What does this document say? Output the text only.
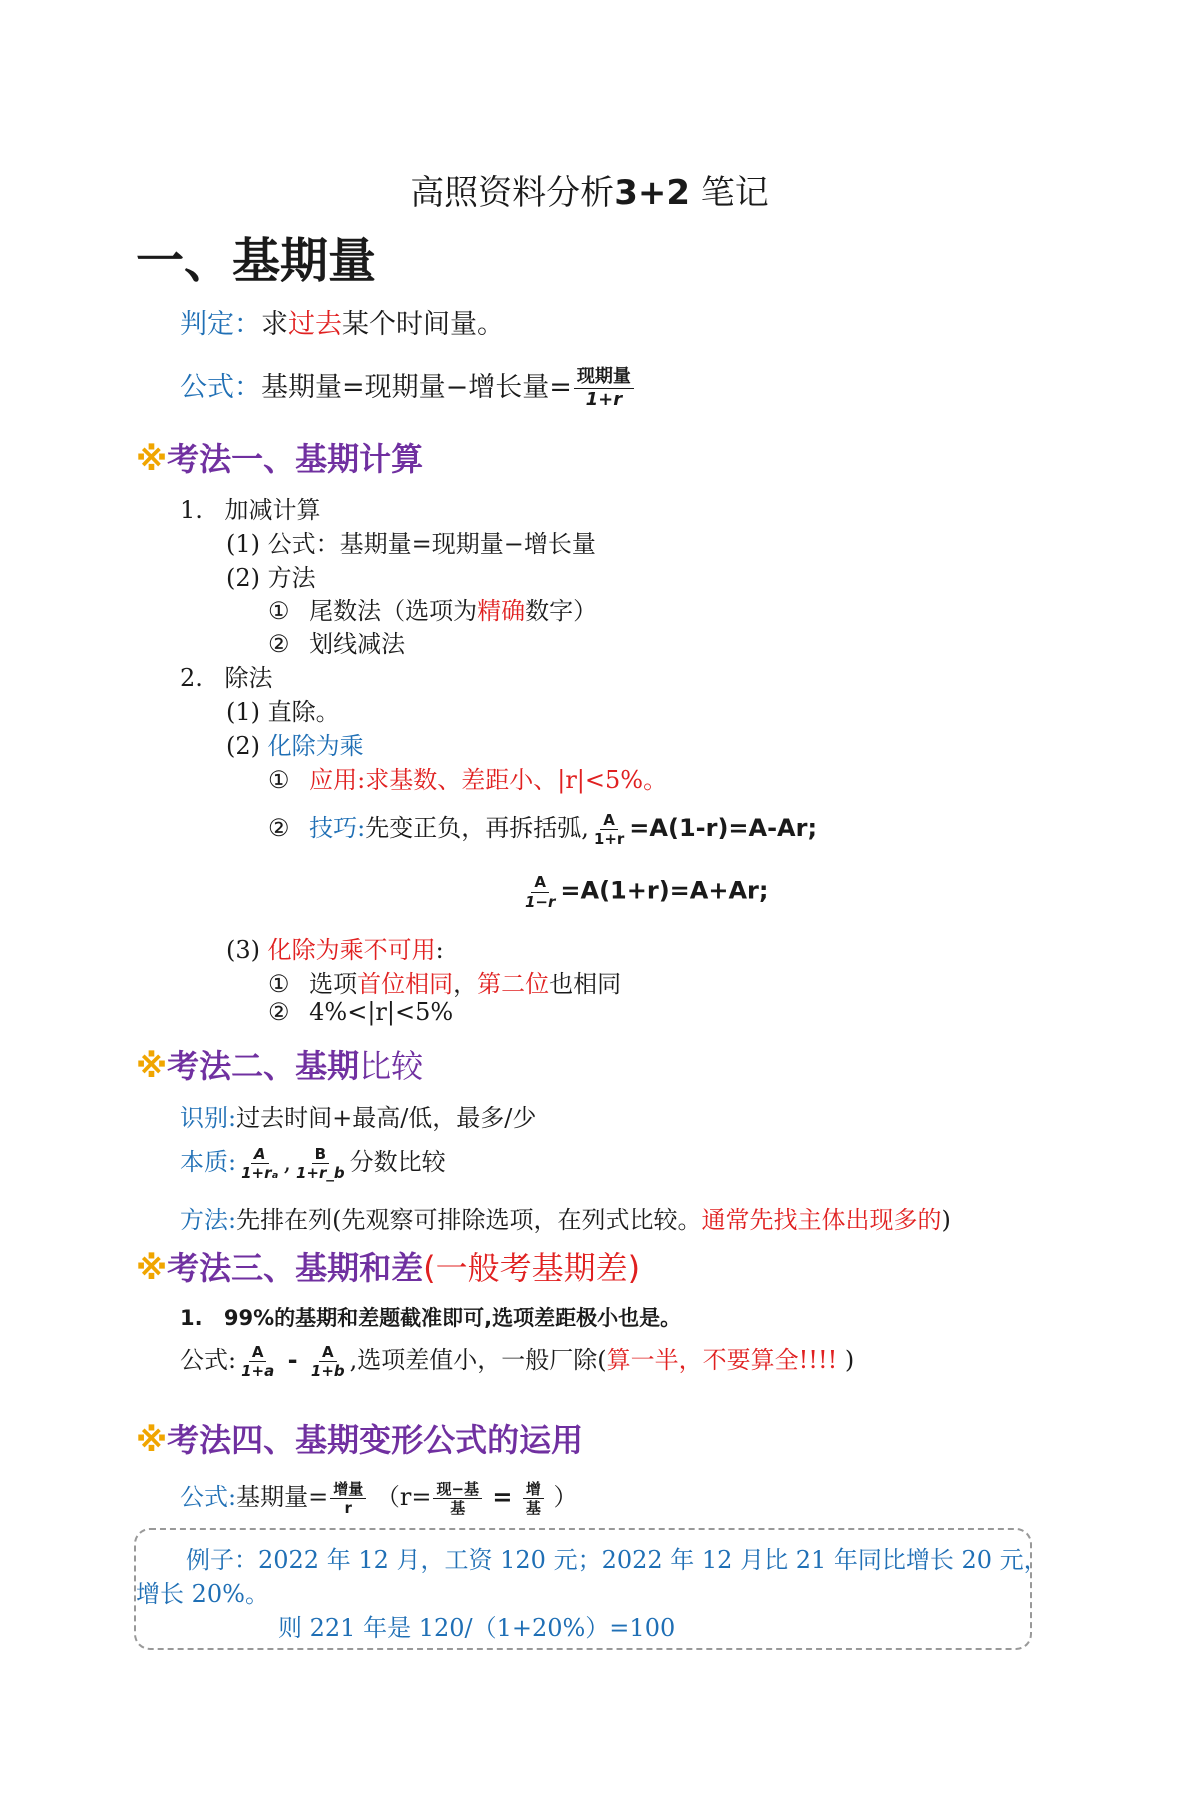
高照资料分析3+2 笔记
一、基期量
判定：求过去某个时间量。
公式：基期量=现期量−增长量= $\frac{\text{现期量}}{1+r}$
※考法一、基期计算
1. 加减计算
(1) 公式：基期量=现期量−增长量
(2) 方法
① 尾数法（选项为精确数字）
② 划线减法
2. 除法
(1) 直除。
(2) 化除为乘
① 应用:求基数、差距小、|r|<5%。
② 技巧:先变正负，再拆括弧, $\frac{A}{1+r} =A(1-r)=A-Ar$;
$\frac{A}{1-r} =A(1+r)=A+Ar$;
(3) 化除为乘不可用:
① 选项首位相同，第二位也相同
② 4%<|r|<5%
※考法二、基期比较
识别:过去时间+最高/低，最多/少
本质: $\frac{A}{\text{1+rₐ}}$ , $\frac{B}{1+r\_b}$ 分数比较
方法:先排在列(先观察可排除选项，在列式比较。通常先找主体出现多的)
※考法三、基期和差(一般考基期差)
1. 99%的基期和差题截准即可,选项差距极小也是。
公式: $\frac{A}{1+a} - \frac{A}{1+b}$ ,选项差值小，一般厂除(算一半，不要算全!!!! )
※考法四、基期变形公式的运用
公式:基期量= $\frac{\text{增量}}{r} (r= \frac{\text{现−基}}{\text{基}} = \frac{\text{增}}{\text{基}}$ ）
例子：2022 年 12 月，工资 120 元；2022 年 12 月比 21 年同比增长 20 元，
增长 20%。
则 221 年是 120/（1+20%）=100
